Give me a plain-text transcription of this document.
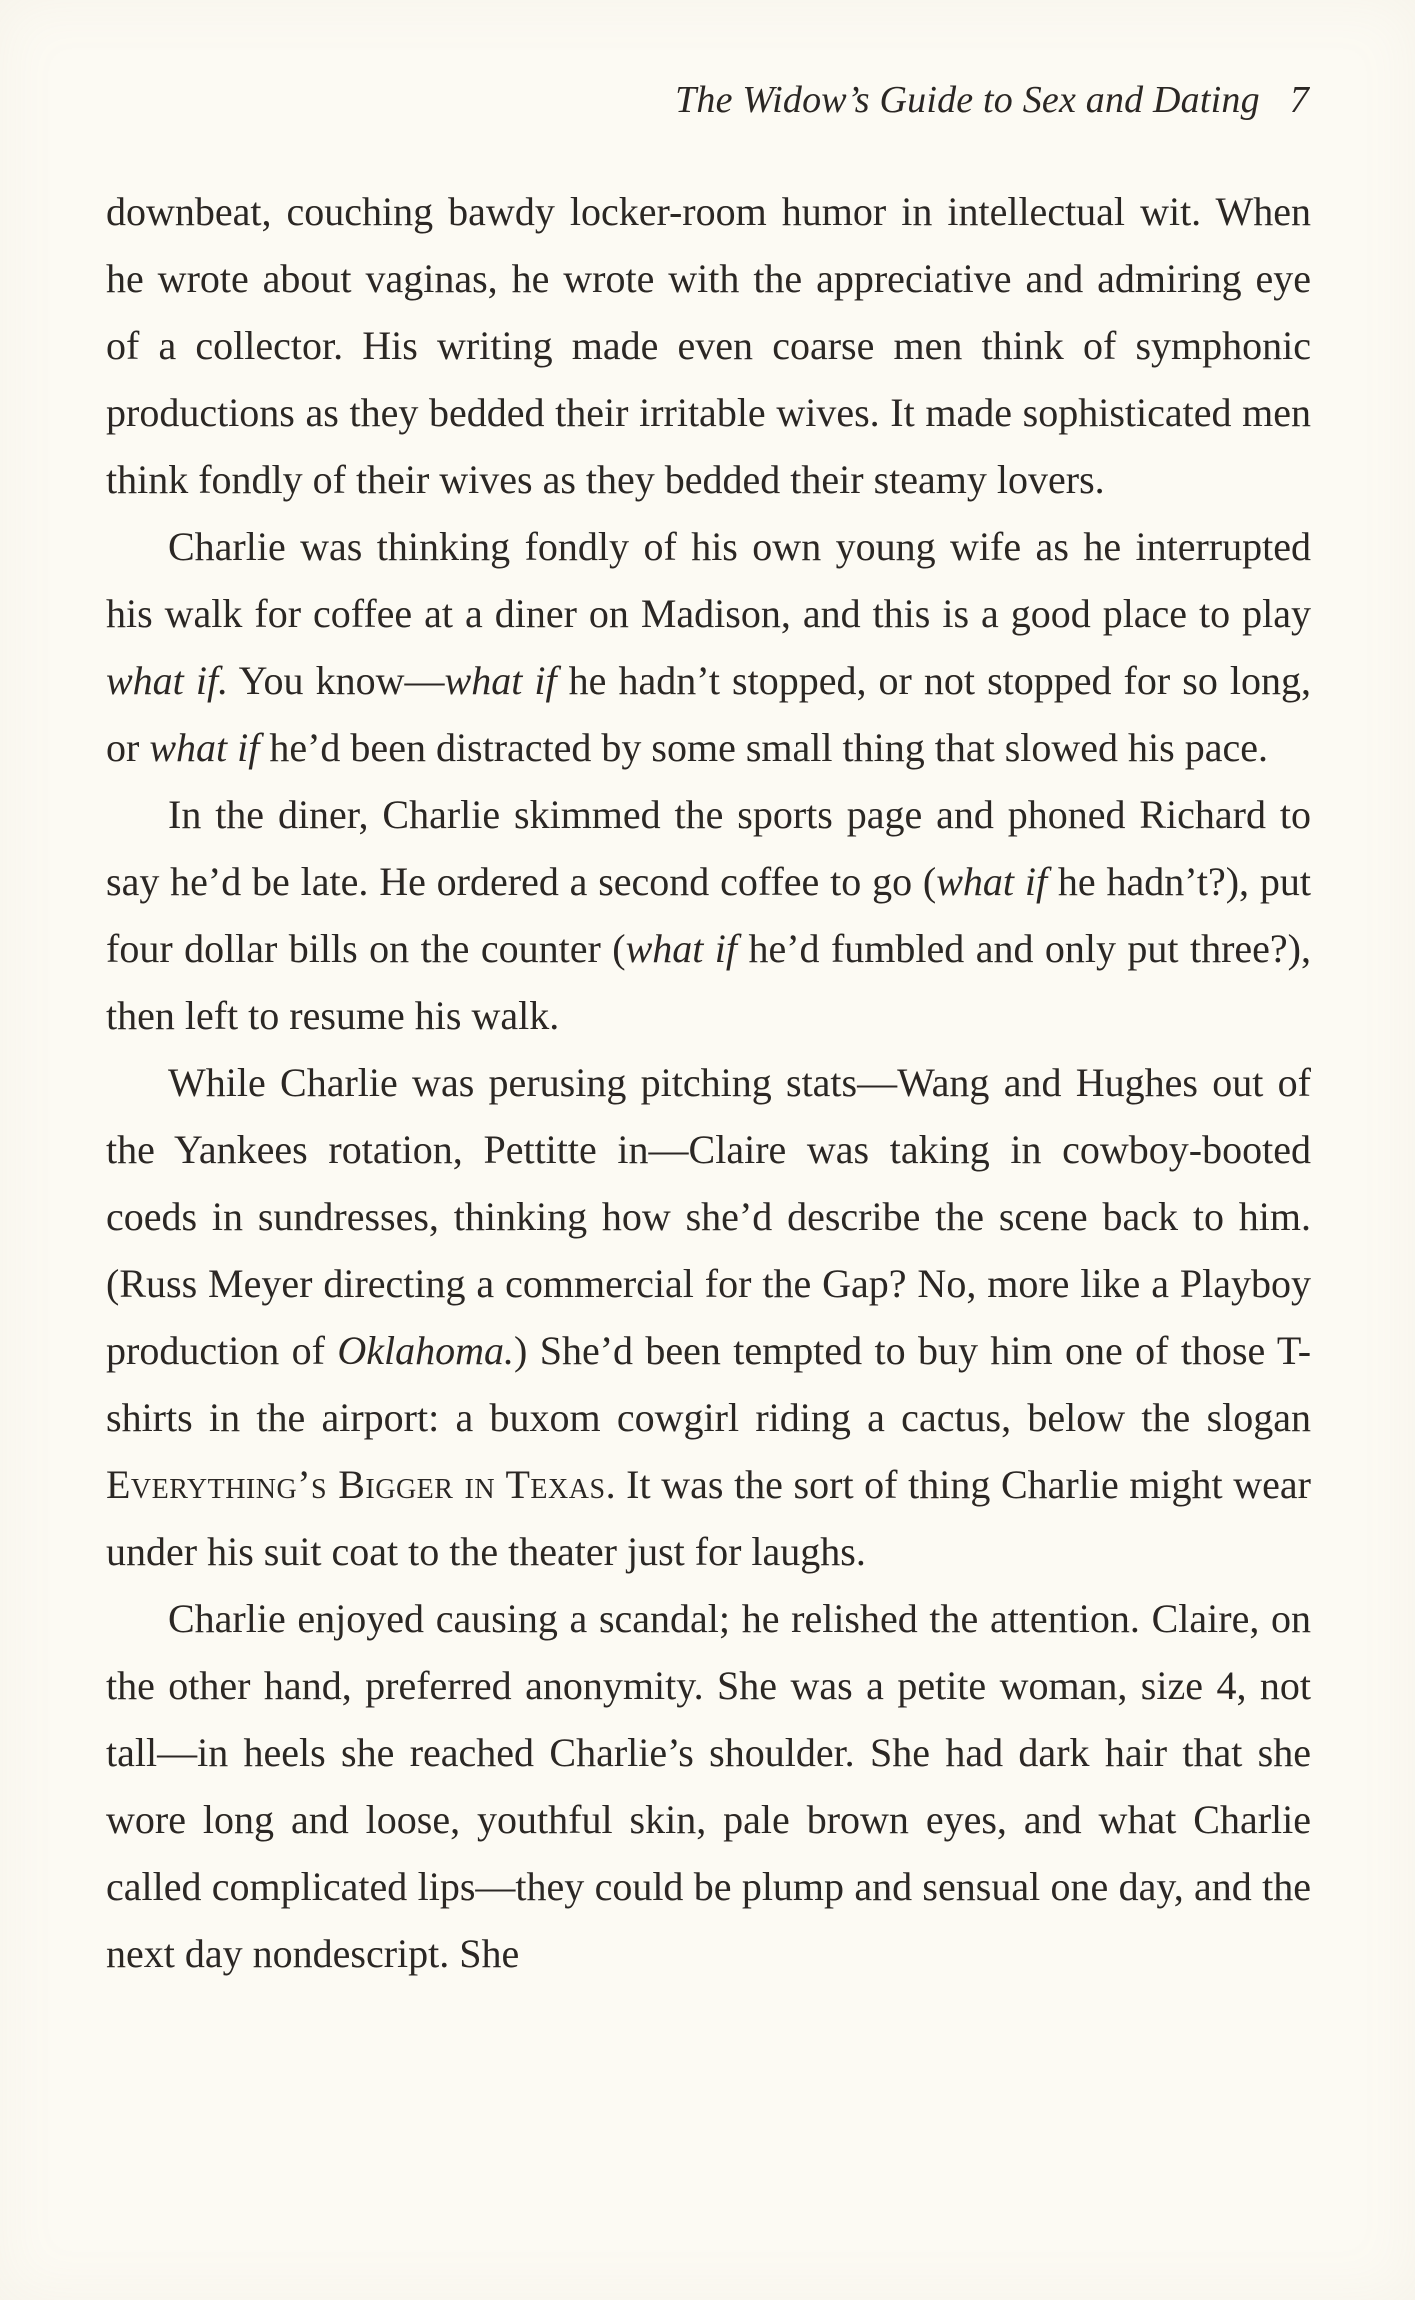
The Widow’s Guide to Sex and Dating 7

downbeat, couching bawdy locker-room humor in intellectual wit. When he wrote about vaginas, he wrote with the appreciative and admiring eye of a collector. His writing made even coarse men think of symphonic productions as they bedded their irritable wives. It made sophisticated men think fondly of their wives as they bedded their steamy lovers.

Charlie was thinking fondly of his own young wife as he interrupted his walk for coffee at a diner on Madison, and this is a good place to play what if. You know—what if he hadn’t stopped, or not stopped for so long, or what if he’d been distracted by some small thing that slowed his pace.

In the diner, Charlie skimmed the sports page and phoned Richard to say he’d be late. He ordered a second coffee to go (what if he hadn’t?), put four dollar bills on the counter (what if he’d fumbled and only put three?), then left to resume his walk.

While Charlie was perusing pitching stats—Wang and Hughes out of the Yankees rotation, Pettitte in—Claire was taking in cowboy-booted coeds in sundresses, thinking how she’d describe the scene back to him. (Russ Meyer directing a commercial for the Gap? No, more like a Playboy production of Oklahoma.) She’d been tempted to buy him one of those T-shirts in the airport: a buxom cowgirl riding a cactus, below the slogan Everything’s Bigger in Texas. It was the sort of thing Charlie might wear under his suit coat to the theater just for laughs.

Charlie enjoyed causing a scandal; he relished the attention. Claire, on the other hand, preferred anonymity. She was a petite woman, size 4, not tall—in heels she reached Charlie’s shoulder. She had dark hair that she wore long and loose, youthful skin, pale brown eyes, and what Charlie called complicated lips—they could be plump and sensual one day, and the next day nondescript. She
